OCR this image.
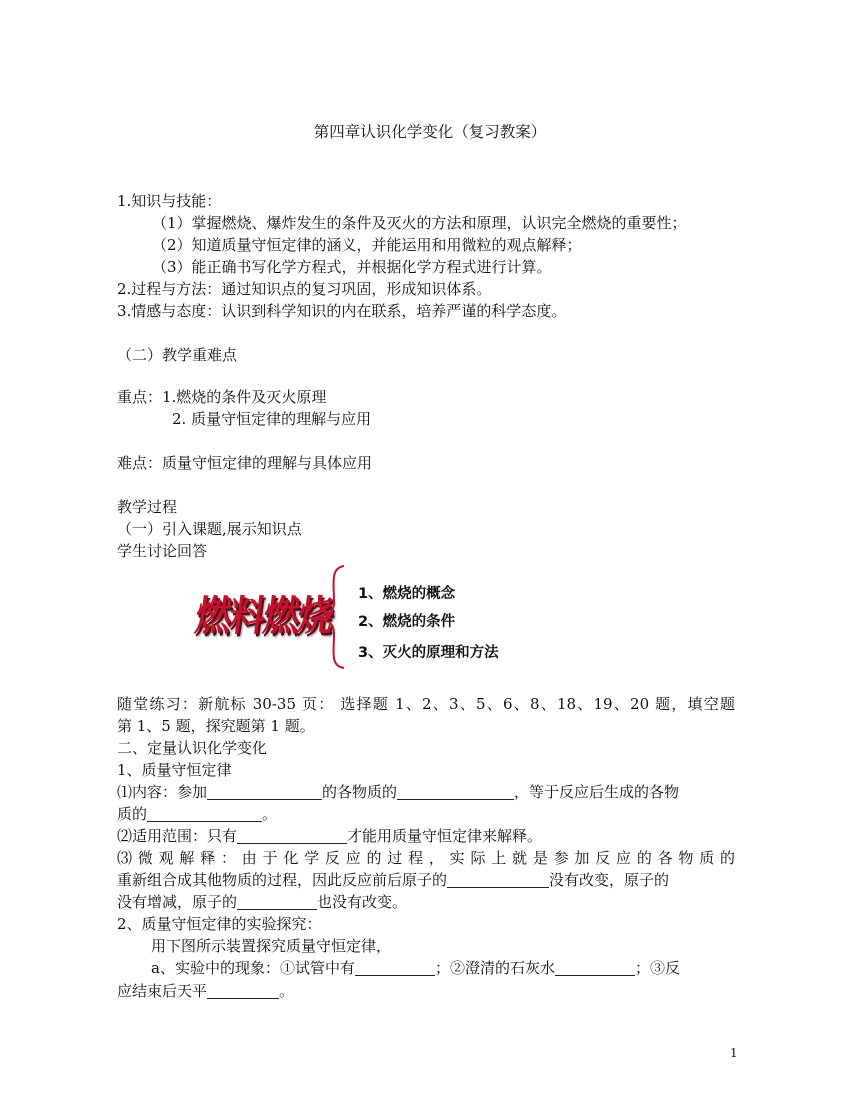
第四章认识化学变化（复习教案）
1.知识与技能：
（1）掌握燃烧、爆炸发生的条件及灭火的方法和原理，认识完全燃烧的重要性；
（2）知道质量守恒定律的涵义，并能运用和用微粒的观点解释；
（3）能正确书写化学方程式，并根据化学方程式进行计算。
2.过程与方法：通过知识点的复习巩固，形成知识体系。
3.情感与态度：认识到科学知识的内在联系，培养严谨的科学态度。
（二）教学重难点
重点：1.燃烧的条件及灭火原理
2. 质量守恒定律的理解与应用
难点：质量守恒定律的理解与具体应用
教学过程
（一）引入课题,展示知识点
学生讨论回答
燃料燃烧 1、燃烧的概念
2、燃烧的条件
3、灭火的原理和方法
随堂练习：新航标 30-35 页： 选择题 1、2、3、5、6、8、18、19、20 题，填空题
第 1、5 题，探究题第 1 题。
二、定量认识化学变化
1、质量守恒定律
⑴内容：参加	的各物质的	，等于反应后生成的各物
质的	。
⑵适用范围：只有	才能用质量守恒定律来解释。
⑶微观解释：由于化学反应的过程，实际上就是参加反应的各物质的
重新组合成其他物质的过程，因此反应前后原子的	没有改变，原子的
没有增减，原子的	也没有改变。
2、质量守恒定律的实验探究：
用下图所示装置探究质量守恒定律，
a、实验中的现象：①试管中有	；②澄清的石灰水	；③反
应结束后天平	。
1
